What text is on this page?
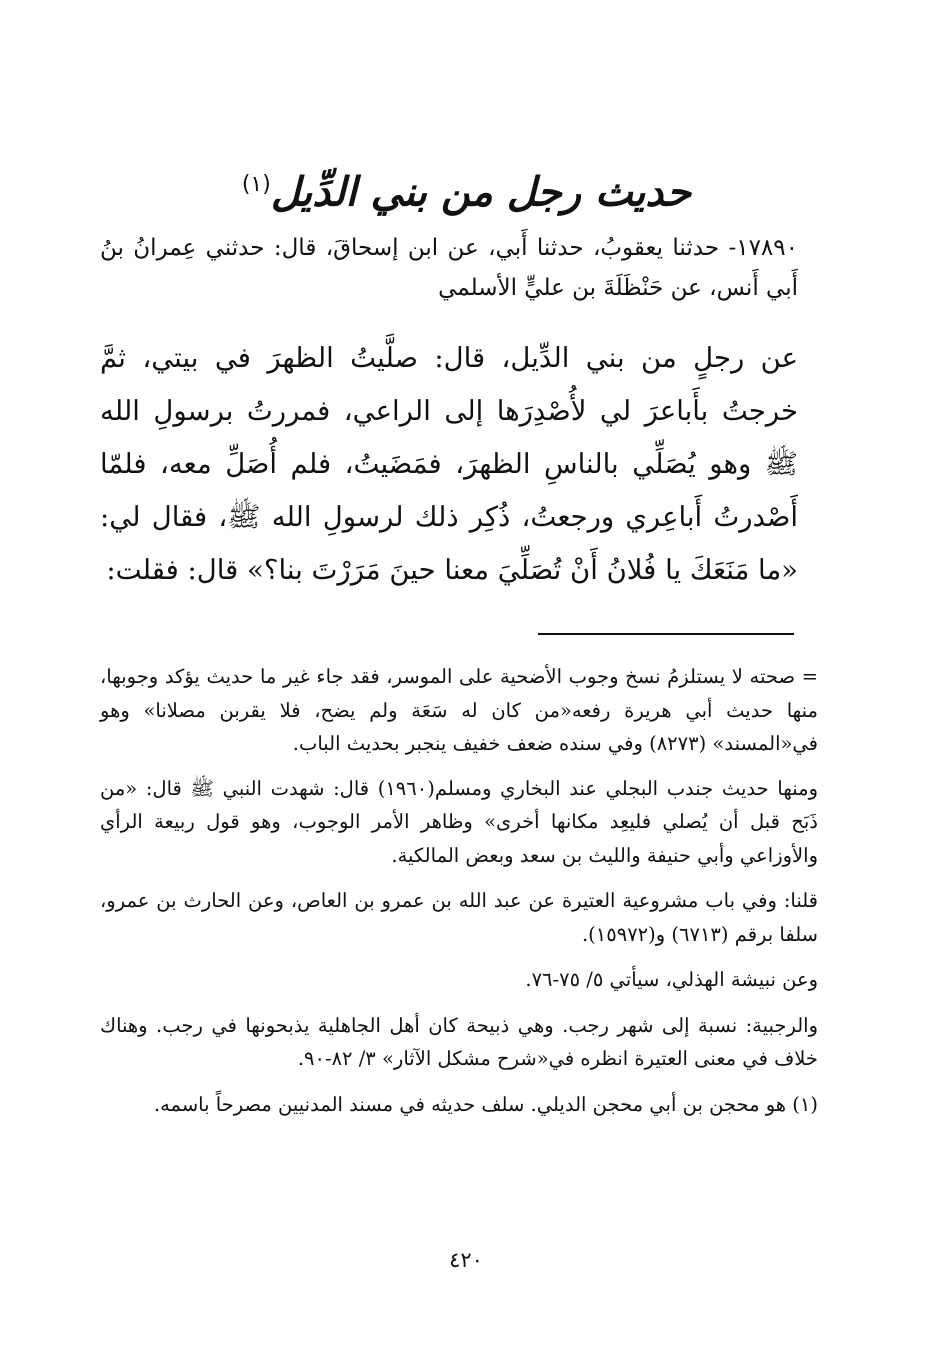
حديث رجل من بني الدِّيل$^{(١)}$

١٧٨٩٠- حدثنا يعقوبُ، حدثنا أَبي، عن ابن إسحاقَ، قال: حدثني عِمرانُ بنُ أَبي أَنس، عن حَنْظَلَةَ بن عليٍّ الأسلمي

عن رجلٍ من بني الدِّيل، قال: صلَّيتُ الظهرَ في بيتي، ثمَّ خرجتُ بأَباعرَ لي لأُصْدِرَها إلى الراعي، فمررتُ برسولِ الله ﷺ وهو يُصَلِّي بالناسِ الظهرَ، فمَضَيتُ، فلم أُصَلِّ معه، فلمّا أَصْدرتُ أَباعِري ورجعتُ، ذُكِر ذلك لرسولِ الله ﷺ، فقال لي: «ما مَنَعَكَ يا فُلانُ أَنْ تُصَلِّيَ معنا حينَ مَرَرْتَ بنا؟» قال: فقلت:

= صحته لا يستلزمُ نسخ وجوب الأضحية على الموسر، فقد جاء غير ما حديث يؤكد وجوبها، منها حديث أبي هريرة رفعه«من كان له سَعَة ولم يضح، فلا يقربن مصلانا» وهو في«المسند» (٨٢٧٣) وفي سنده ضعف خفيف ينجبر بحديث الباب.

ومنها حديث جندب البجلي عند البخاري ومسلم(١٩٦٠) قال: شهدت النبي ﷺ قال: «من ذَبَح قبل أن يُصلي فليعِد مكانها أخرى» وظاهر الأمر الوجوب، وهو قول ربيعة الرأي والأوزاعي وأبي حنيفة والليث بن سعد وبعض المالكية.

قلنا: وفي باب مشروعية العتيرة عن عبد الله بن عمرو بن العاص، وعن الحارث بن عمرو، سلفا برقم (٦٧١٣) و(١٥٩٧٢).

وعن نبيشة الهذلي، سيأتي ٥/ ٧٥-٧٦.

والرجبية: نسبة إلى شهر رجب. وهي ذبيحة كان أهل الجاهلية يذبحونها في رجب. وهناك خلاف في معنى العتيرة انظره في«شرح مشكل الآثار» ٣/ ٨٢-٩٠.

(١) هو محجن بن أبي محجن الديلي. سلف حديثه في مسند المدنيين مصرحاً باسمه.

٤٢٠
